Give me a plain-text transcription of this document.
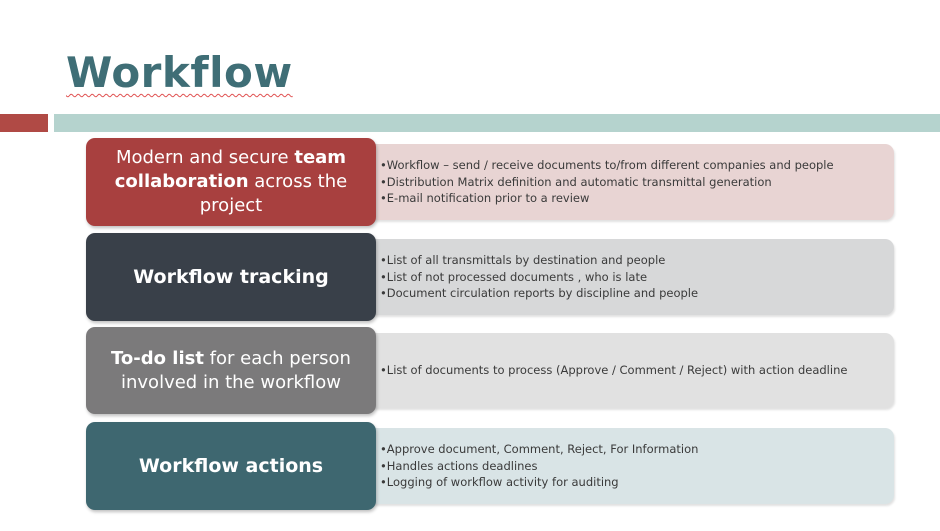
Workflow
•Workflow – send / receive documents to/from different companies and people
•Distribution Matrix definition and automatic transmittal generation
•E-mail notification prior to a review
Modern and secure team collaboration across the project
•List of all transmittals by destination and people
•List of not processed documents , who is late
•Document circulation reports by discipline and people
Workflow tracking
•List of documents to process (Approve / Comment / Reject) with action deadline
To-do list for each person involved in the workflow
•Approve document, Comment, Reject, For Information
•Handles actions deadlines
•Logging of workflow activity for auditing
Workflow actions
